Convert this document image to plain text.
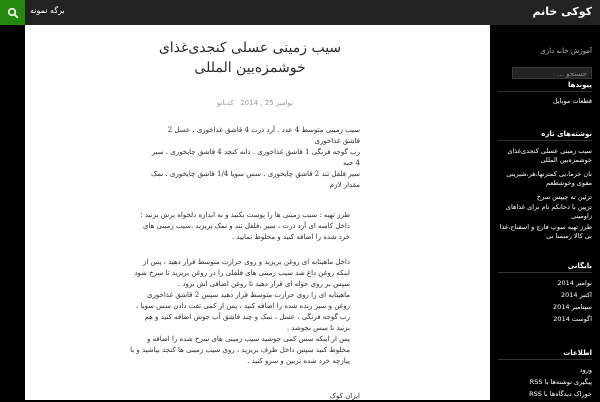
برگه نمونه	کوکی خانم
سیب زمینی عسلی کنجدی‌غذای خوشمزه‌بین المللی
نوامبر 25 , 2014   کدبانو
سیب زمینی متوسط 4 عدد . آرد ذرت 4 قاشق غذاخوری . عسل 2 قاشق غذاخوری
رب گوجه فرنگی 1 قاشق غذاخوری . دانه کنجد 4 قاشق چایخوری . سیر 4 حبه
سیر فلفل تند 2 قاشق چایخوری . سس سویا 1/4 قاشق چایخوری . نمک مقدار لازم
طرز تهیه : سیب زمینی ها را پوست بکنید و به اندازه دلخواه برش بزنید ؛ داخل کاسه ای آرد ذرت ، سیر ،فلفل تند و نمک بریزید ،سیب زمینی های خرد شده را اضافه کنید و مخلوط نمایید .
داخل ماهیتابه ای روغن بریزید و روی حرارت متوسط قرار دهید ، پس از اینکه روغن داغ شد سیب زمینی های فلفلی را در روغن بریزید تا سرخ شود سپس بر روی حوله ای قرار دهید تا روغن اضافی اش برود .
ماهیتابه ای را روی حرارت متوسط قرار دهید سپس 2 قاشق غذاخوری روغن و سیر رنده شده را اضافه کنید ، پس از کمی تفت دادن سس سویا ، رب گوجه فرنگی ، عسل ، نمک و چند قاشق آب جوش اضافه کنید و هم بزنید تا سس بجوشد .
پس از اینکه سس کمی جوشید سیب زمینی های سرخ شده را اضافه و مخلوط کنید سپس داخل ظرف بریزید ، روی سیب زمینی ها کنجد بپاشید و با پیازچه خرد شده تزیین و سرو کنید .
ایران کوک
آموزش خانه داری
جستجو …
پیوندها
قطعات موبایل
نوشته‌های تازه
سیب زمینی عسلی کنجدی‌غذای خوشمزه‌بین المللی
نان خرما،یی کمترنها،هر،شیرینی مقوی وخوشطعم
تزئین نه چیپس سرخ
تزیین با دحانکم تام برای غذاهای زاومینی
طرز تهیه سوپ فارچ و اسفناج،غذا بی کالا رسمنا بی
بایگانی
نوامبر 2014
اکتبر 2014
سپتامبر 2014
اگوست 2014
اطلاعات
ورود
پیگیری نوشته‌ها با RSS
خوراک دیدگاه‌ها با RSS
